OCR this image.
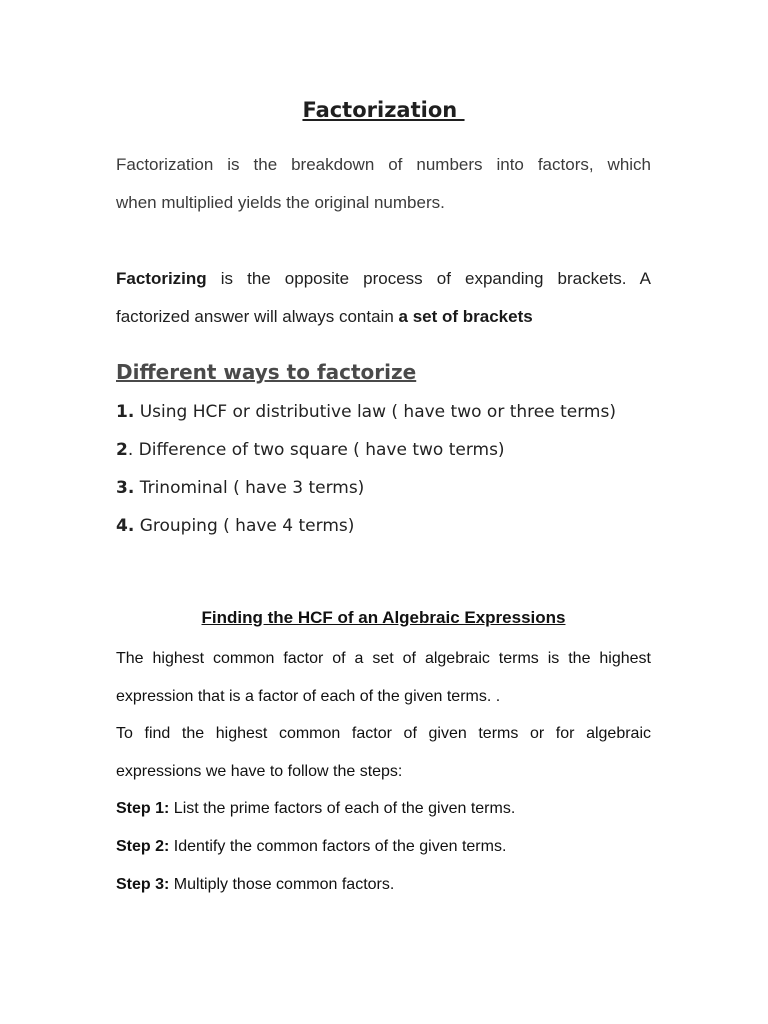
Factorization
Factorization is the breakdown of numbers into factors, which
when multiplied yields the original numbers.
Factorizing is the opposite process of expanding brackets. A
factorized answer will always contain a set of brackets
Different ways to factorize
1. Using HCF or distributive law ( have two or three terms)
2. Difference of two square ( have two terms)
3. Trinominal ( have 3 terms)
4. Grouping ( have 4 terms)
Finding the HCF of an Algebraic Expressions
The highest common factor of a set of algebraic terms is the highest
expression that is a factor of each of the given terms. .
To find the highest common factor of given terms or for algebraic
expressions we have to follow the steps:
Step 1: List the prime factors of each of the given terms.
Step 2: Identify the common factors of the given terms.
Step 3: Multiply those common factors.
